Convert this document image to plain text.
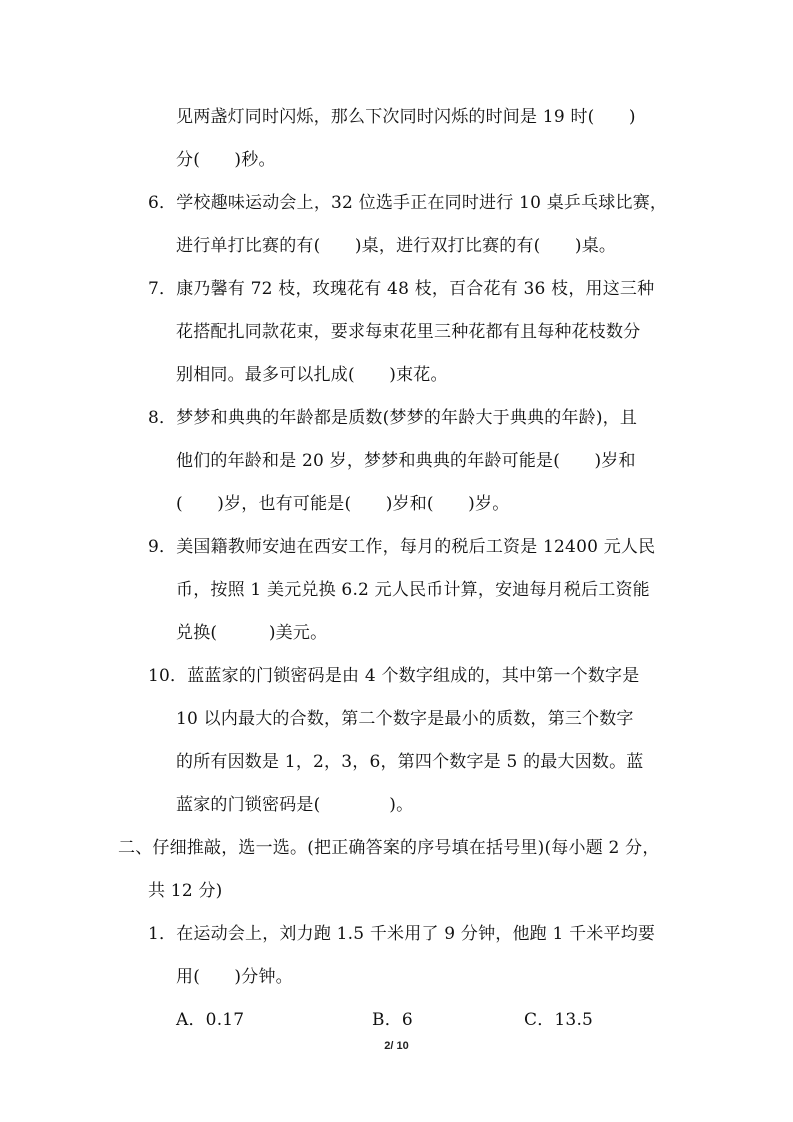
见两盏灯同时闪烁，那么下次同时闪烁的时间是 19 时(　　)
分(　　)秒。
6．学校趣味运动会上，32 位选手正在同时进行 10 桌乒乓球比赛，
进行单打比赛的有(　　)桌，进行双打比赛的有(　　)桌。
7．康乃馨有 72 枝，玫瑰花有 48 枝，百合花有 36 枝，用这三种
花搭配扎同款花束，要求每束花里三种花都有且每种花枝数分
别相同。最多可以扎成(　　)束花。
8．梦梦和典典的年龄都是质数(梦梦的年龄大于典典的年龄)，且
他们的年龄和是 20 岁，梦梦和典典的年龄可能是(　　)岁和
(　　)岁，也有可能是(　　)岁和(　　)岁。
9．美国籍教师安迪在西安工作，每月的税后工资是 12400 元人民
币，按照 1 美元兑换 6.2 元人民币计算，安迪每月税后工资能
兑换(　　　)美元。
10．蓝蓝家的门锁密码是由 4 个数字组成的，其中第一个数字是
10 以内最大的合数，第二个数字是最小的质数，第三个数字
的所有因数是 1，2，3，6，第四个数字是 5 的最大因数。蓝
蓝家的门锁密码是(　　　　)。
二、仔细推敲，选一选。(把正确答案的序号填在括号里)(每小题 2 分，
共 12 分)
1．在运动会上，刘力跑 1.5 千米用了 9 分钟，他跑 1 千米平均要
用(　　)分钟。
A．0.17	B．6	C．13.5
2/ 10
